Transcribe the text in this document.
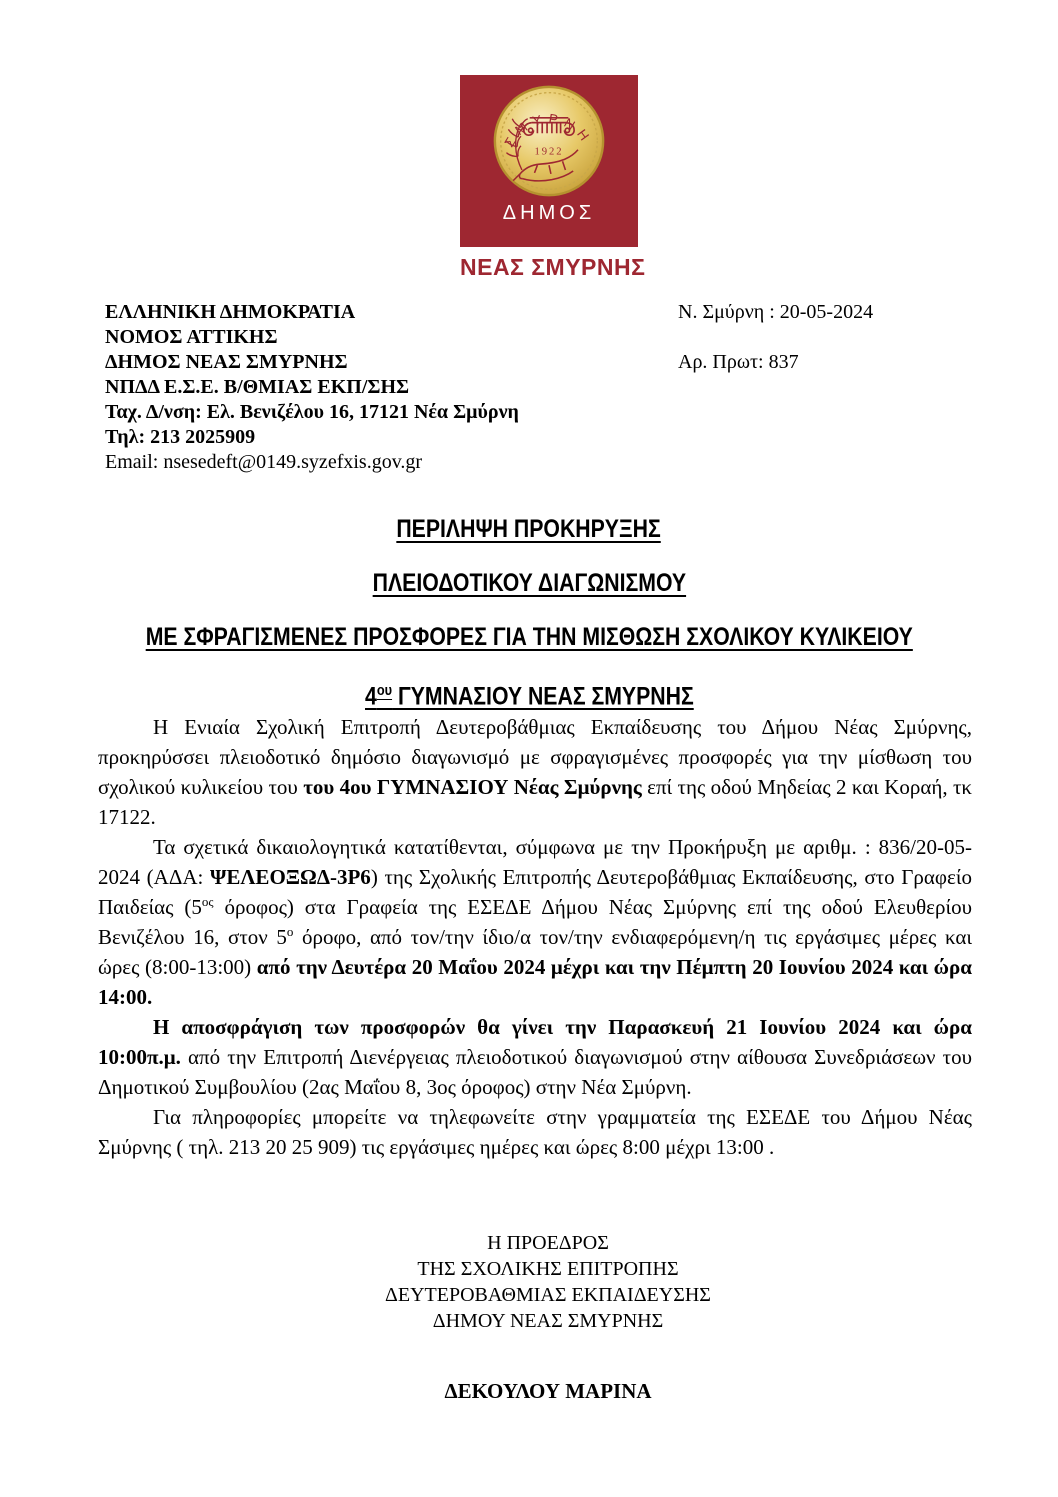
ΣΜΥΡΝΗ
1922
ΔΗΜΟΣ
ΝΕΑΣ ΣΜΥΡΝΗΣ
ΕΛΛΗΝΙΚΗ ΔΗΜΟΚΡΑΤΙΑ
ΝΟΜΟΣ ΑΤΤΙΚΗΣ
ΔΗΜΟΣ ΝΕΑΣ ΣΜΥΡΝΗΣ
ΝΠΔΔ Ε.Σ.Ε. Β/ΘΜΙΑΣ ΕΚΠ/ΣΗΣ
Ταχ. Δ/νση: Ελ. Βενιζέλου 16, 17121 Νέα Σμύρνη
Τηλ: 213 2025909
Email: nsesedeft@0149.syzefxis.gov.gr
Ν. Σμύρνη : 20-05-2024
Αρ. Πρωτ: 837
ΠΕΡΙΛΗΨΗ ΠΡΟΚΗΡΥΞΗΣ
ΠΛΕΙΟΔΟΤΙΚΟΥ ΔΙΑΓΩΝΙΣΜΟΥ
ΜΕ ΣΦΡΑΓΙΣΜΕΝΕΣ ΠΡΟΣΦΟΡΕΣ ΓΙΑ ΤΗΝ ΜΙΣΘΩΣΗ ΣΧΟΛΙΚΟΥ ΚΥΛΙΚΕΙΟΥ
$4^{o\upsilon}$ ΓΥΜΝΑΣΙΟΥ ΝΕΑΣ ΣΜΥΡΝΗΣ

Η Ενιαία Σχολική Επιτροπή Δευτεροβάθμιας Εκπαίδευσης του Δήμου Νέας Σμύρνης, προκηρύσσει πλειοδοτικό δημόσιο διαγωνισμό με σφραγισμένες προσφορές για την μίσθωση του σχολικού κυλικείου του του 4ου ΓΥΜΝΑΣΙΟΥ Νέας Σμύρνης επί της οδού Μηδείας 2 και Κοραή, τκ 17122.

Τα σχετικά δικαιολογητικά κατατίθενται, σύμφωνα με την Προκήρυξη με αριθμ. : 836/20-05-2024 (ΑΔΑ: ΨΕΛΕΟΞΩΔ-3Ρ6) της Σχολικής Επιτροπής Δευτεροβάθμιας Εκπαίδευσης, στο Γραφείο Παιδείας ($5^{o\varsigma}$ όροφος) στα Γραφεία της ΕΣΕΔΕ Δήμου Νέας Σμύρνης επί της οδού Ελευθερίου Βενιζέλου 16, στον $5^o$ όροφο, από τον/την ίδιο/α τον/την ενδιαφερόμενη/η τις εργάσιμες μέρες και ώρες (8:00-13:00) από την Δευτέρα 20 Μαΐου 2024 μέχρι και την Πέμπτη 20 Ιουνίου 2024 και ώρα 14:00.

Η αποσφράγιση των προσφορών θα γίνει την Παρασκευή 21 Ιουνίου 2024 και ώρα 10:00π.μ. από την Επιτροπή Διενέργειας πλειοδοτικού διαγωνισμού στην αίθουσα Συνεδριάσεων του Δημοτικού Συμβουλίου (2ας Μαΐου 8, 3ος όροφος) στην Νέα Σμύρνη.

Για πληροφορίες μπορείτε να τηλεφωνείτε στην γραμματεία της ΕΣΕΔΕ του Δήμου Νέας Σμύρνης ( τηλ. 213 20 25 909) τις εργάσιμες ημέρες και ώρες 8:00 μέχρι 13:00 .

Η ΠΡΟΕΔΡΟΣ
ΤΗΣ ΣΧΟΛΙΚΗΣ ΕΠΙΤΡΟΠΗΣ
ΔΕΥΤΕΡΟΒΑΘΜΙΑΣ ΕΚΠΑΙΔΕΥΣΗΣ
ΔΗΜΟΥ ΝΕΑΣ ΣΜΥΡΝΗΣ
ΔΕΚΟΥΛΟΥ ΜΑΡΙΝΑ
